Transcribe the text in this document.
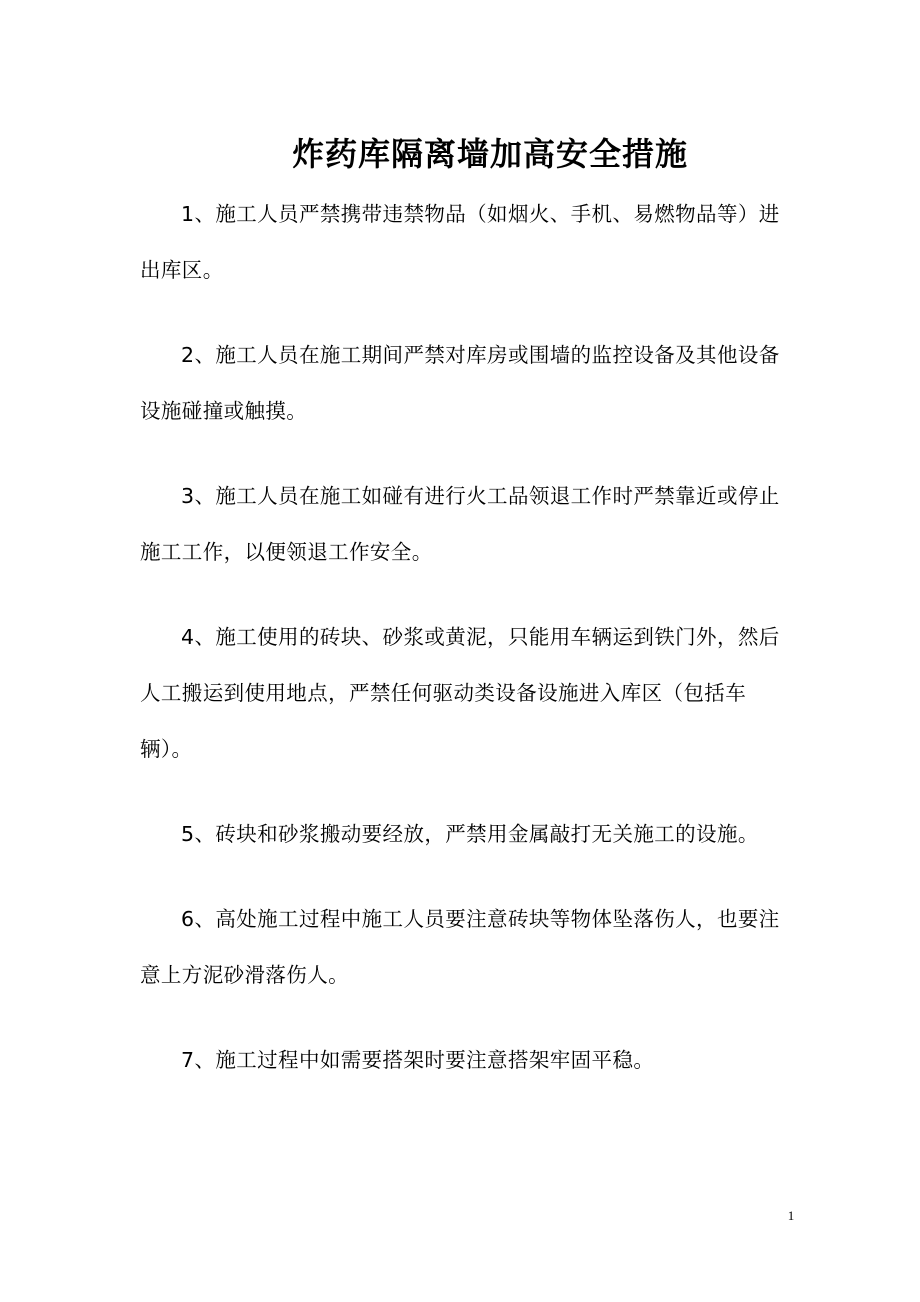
炸药库隔离墙加高安全措施

1、施工人员严禁携带违禁物品（如烟火、手机、易燃物品等）进出库区。

2、施工人员在施工期间严禁对库房或围墙的监控设备及其他设备设施碰撞或触摸。

3、施工人员在施工如碰有进行火工品领退工作时严禁靠近或停止施工工作，以便领退工作安全。

4、施工使用的砖块、砂浆或黄泥，只能用车辆运到铁门外，然后人工搬运到使用地点，严禁任何驱动类设备设施进入库区（包括车辆）。

5、砖块和砂浆搬动要经放，严禁用金属敲打无关施工的设施。

6、高处施工过程中施工人员要注意砖块等物体坠落伤人，也要注意上方泥砂滑落伤人。

7、施工过程中如需要搭架时要注意搭架牢固平稳。

1
